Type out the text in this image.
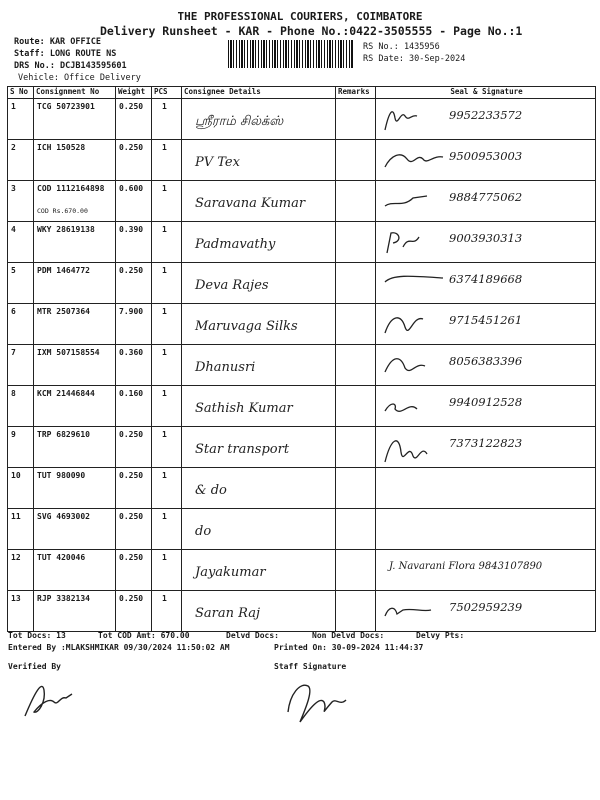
THE PROFESSIONAL COURIERS, COIMBATORE
Delivery Runsheet - KAR - Phone No.:0422-3505555 - Page No.:1
Route: KAR OFFICE
Staff: LONG ROUTE NS
DRS No.: DCJB143595601
Vehicle: Office Delivery
RS No.: 1435956
RS Date: 30-Sep-2024
S No	Consignment No	Weight	PCS	Consignee Details	Remarks	Seal & Signature
1	TCG 50723901	0.250	1	ஸ்ரீராம் சில்க்ஸ்		9952233572

2	ICH 150528	0.250	1	PV Tex		9500953003

3	COD 1112164898
COD Rs.670.00	0.600	1	Saravana Kumar		9884775062

4	WKY 28619138	0.390	1	Padmavathy		9003930313

5	PDM 1464772	0.250	1	Deva Rajes		6374189668

6	MTR 2507364	7.900	1	Maruvaga Silks		9715451261

7	IXM 507158554	0.360	1	Dhanusri		8056383396

8	KCM 21446844	0.160	1	Sathish Kumar		9940912528

9	TRP 6829610	0.250	1	Star transport		7373122823

10	TUT 980090	0.250	1	& do		

11	SVG 4693002	0.250	1	do		

12	TUT 420046	0.250	1	Jayakumar		J. Navarani Flora 9843107890

13	RJP 3382134	0.250	1	Saran Raj		7502959239
Tot Docs: 13	Tot COD Amt: 670.00	Delvd Docs:	Non Delvd Docs:	Delvy Pts:
Entered By :MLAKSHMIKAR 09/30/2024 11:50:02 AM	Printed On: 30-09-2024 11:44:37
Verified By	Staff Signature
